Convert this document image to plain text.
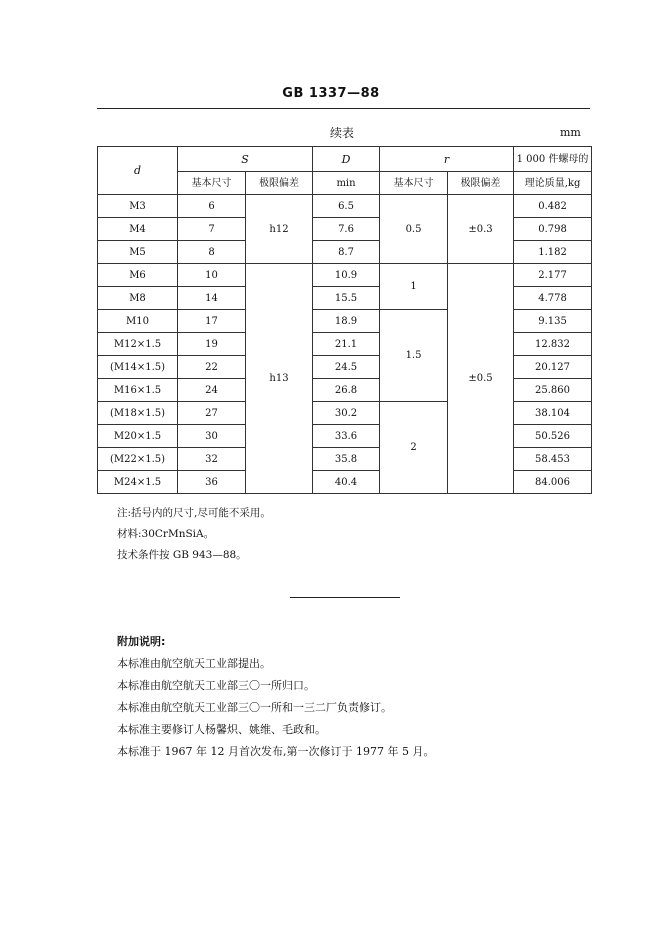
GB 1337—88
续表	mm
d	S		D	r		1 000 件螺母的
	基本尺寸	极限偏差	min	基本尺寸	极限偏差	理论质量,kg
M3	6	h12	6.5	0.5	±0.3	0.482
M4	7		7.6			0.798
M5	8		8.7			1.182
M6	10	h13	10.9	1	±0.5	2.177
M8	14		15.5			4.778
M10	17		18.9	1.5		9.135
M12×1.5	19		21.1			12.832
(M14×1.5)	22		24.5			20.127
M16×1.5	24		26.8			25.860
(M18×1.5)	27		30.2	2		38.104
M20×1.5	30		33.6			50.526
(M22×1.5)	32		35.8			58.453
M24×1.5	36		40.4			84.006
注:括号内的尺寸,尽可能不采用。
材料:30CrMnSiA。
技术条件按 GB 943—88。
附加说明:
本标准由航空航天工业部提出。
本标准由航空航天工业部三〇一所归口。
本标准由航空航天工业部三〇一所和一三二厂负责修订。
本标准主要修订人杨馨炽、姚维、毛政和。
本标准于 1967 年 12 月首次发布,第一次修订于 1977 年 5 月。
